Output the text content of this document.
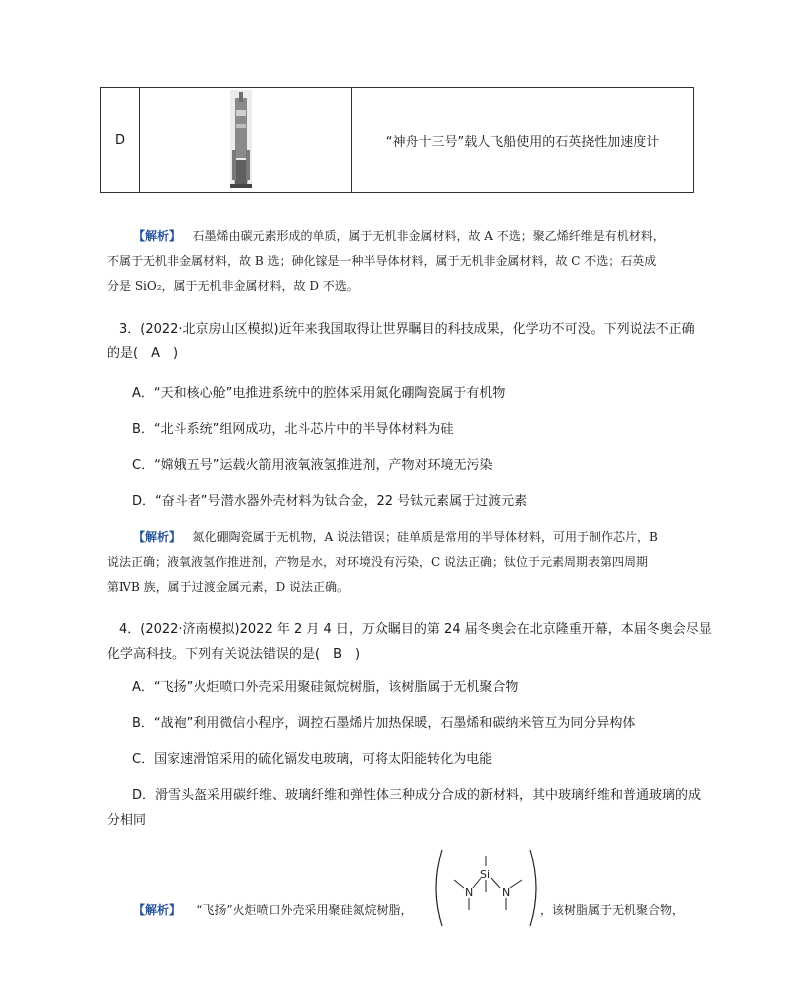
D	“神舟十三号”载人飞船使用的石英挠性加速度计
【解析】 石墨烯由碳元素形成的单质，属于无机非金属材料，故 A 不选；聚乙烯纤维是有机材料，
不属于无机非金属材料，故 B 选；砷化镓是一种半导体材料，属于无机非金属材料，故 C 不选；石英成
分是 SiO₂，属于无机非金属材料，故 D 不选。
3．(2022·北京房山区模拟)近年来我国取得让世界瞩目的科技成果，化学功不可没。下列说法不正确
的是(　A　)
A．“天和核心舱”电推进系统中的腔体采用氮化硼陶瓷属于有机物
B．“北斗系统”组网成功，北斗芯片中的半导体材料为硅
C．“嫦娥五号”运载火箭用液氧液氢推进剂，产物对环境无污染
D．“奋斗者”号潜水器外壳材料为钛合金，22 号钛元素属于过渡元素
【解析】 氮化硼陶瓷属于无机物，A 说法错误；硅单质是常用的半导体材料，可用于制作芯片，B
说法正确；液氧液氢作推进剂，产物是水，对环境没有污染，C 说法正确；钛位于元素周期表第四周期
第ⅣB 族，属于过渡金属元素，D 说法正确。
4．(2022·济南模拟)2022 年 2 月 4 日，万众瞩目的第 24 届冬奥会在北京隆重开幕，本届冬奥会尽显
化学高科技。下列有关说法错误的是(　B　)
A．“飞扬”火炬喷口外壳采用聚硅氮烷树脂，该树脂属于无机聚合物
B．“战袍”利用微信小程序，调控石墨烯片加热保暖，石墨烯和碳纳米管互为同分异构体
C．国家速滑馆采用的硫化镉发电玻璃，可将太阳能转化为电能
D．滑雪头盔采用碳纤维、玻璃纤维和弹性体三种成分合成的新材料，其中玻璃纤维和普通玻璃的成
分相同
【解析】 “飞扬”火炬喷口外壳采用聚硅氮烷树脂，
Si
N	N
，该树脂属于无机聚合物，
